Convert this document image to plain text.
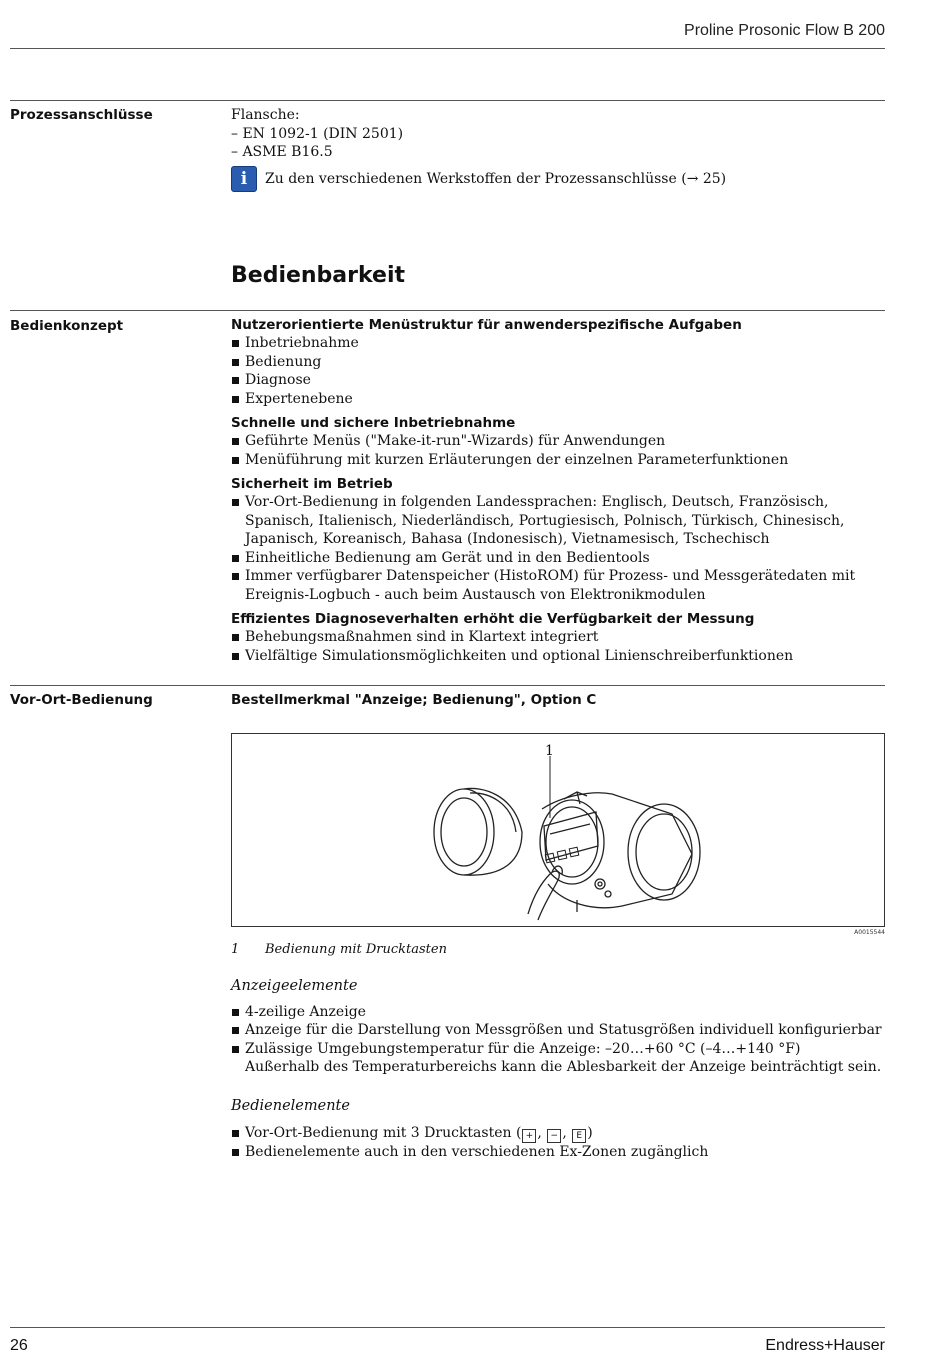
Proline Prosonic Flow B 200
Prozessanschlüsse	Flansche:

– EN 1092-1 (DIN 2501)

– ASME B16.5

i Zu den verschiedenen Werkstoffen der Prozessanschlüsse (→ 25)

Bedienbarkeit
Bedienkonzept	Nutzerorientierte Menüstruktur für anwenderspezifische Aufgaben

Inbetriebnahme
Bedienung
Diagnose
Expertenebene

Schnelle und sichere Inbetriebnahme

Geführte Menüs ("Make-it-run"-Wizards) für Anwendungen
Menüführung mit kurzen Erläuterungen der einzelnen Parameterfunktionen

Sicherheit im Betrieb

Vor-Ort-Bedienung in folgenden Landessprachen: Englisch, Deutsch, Französisch, Spanisch, Italienisch, Niederländisch, Portugiesisch, Polnisch, Türkisch, Chinesisch, Japanisch, Koreanisch, Bahasa (Indonesisch), Vietnamesisch, Tschechisch
Einheitliche Bedienung am Gerät und in den Bedientools
Immer verfügbarer Datenspeicher (HistoROM) für Prozess- und Messgerätedaten mit Ereignis-Logbuch - auch beim Austausch von Elektronikmodulen

Effizientes Diagnoseverhalten erhöht die Verfügbarkeit der Messung

Behebungsmaßnahmen sind in Klartext integriert
Vielfältige Simulationsmöglichkeiten und optional Linienschreiberfunktionen
Vor-Ort-Bedienung	Bestellmerkmal "Anzeige; Bedienung", Option C

1
A0015544
1 Bedienung mit Drucktasten

Anzeigeelemente

4-zeilige Anzeige
Anzeige für die Darstellung von Messgrößen und Statusgrößen individuell konfigurierbar
Zulässige Umgebungstemperatur für die Anzeige: –20…+60 °C (–4…+140 °F)
Außerhalb des Temperaturbereichs kann die Ablesbarkeit der Anzeige beinträchtigt sein.

Bedienelemente

Vor-Ort-Bedienung mit 3 Drucktasten ( + , − , E )
Bedienelemente auch in den verschiedenen Ex-Zonen zugänglich
26	Endress+Hauser
